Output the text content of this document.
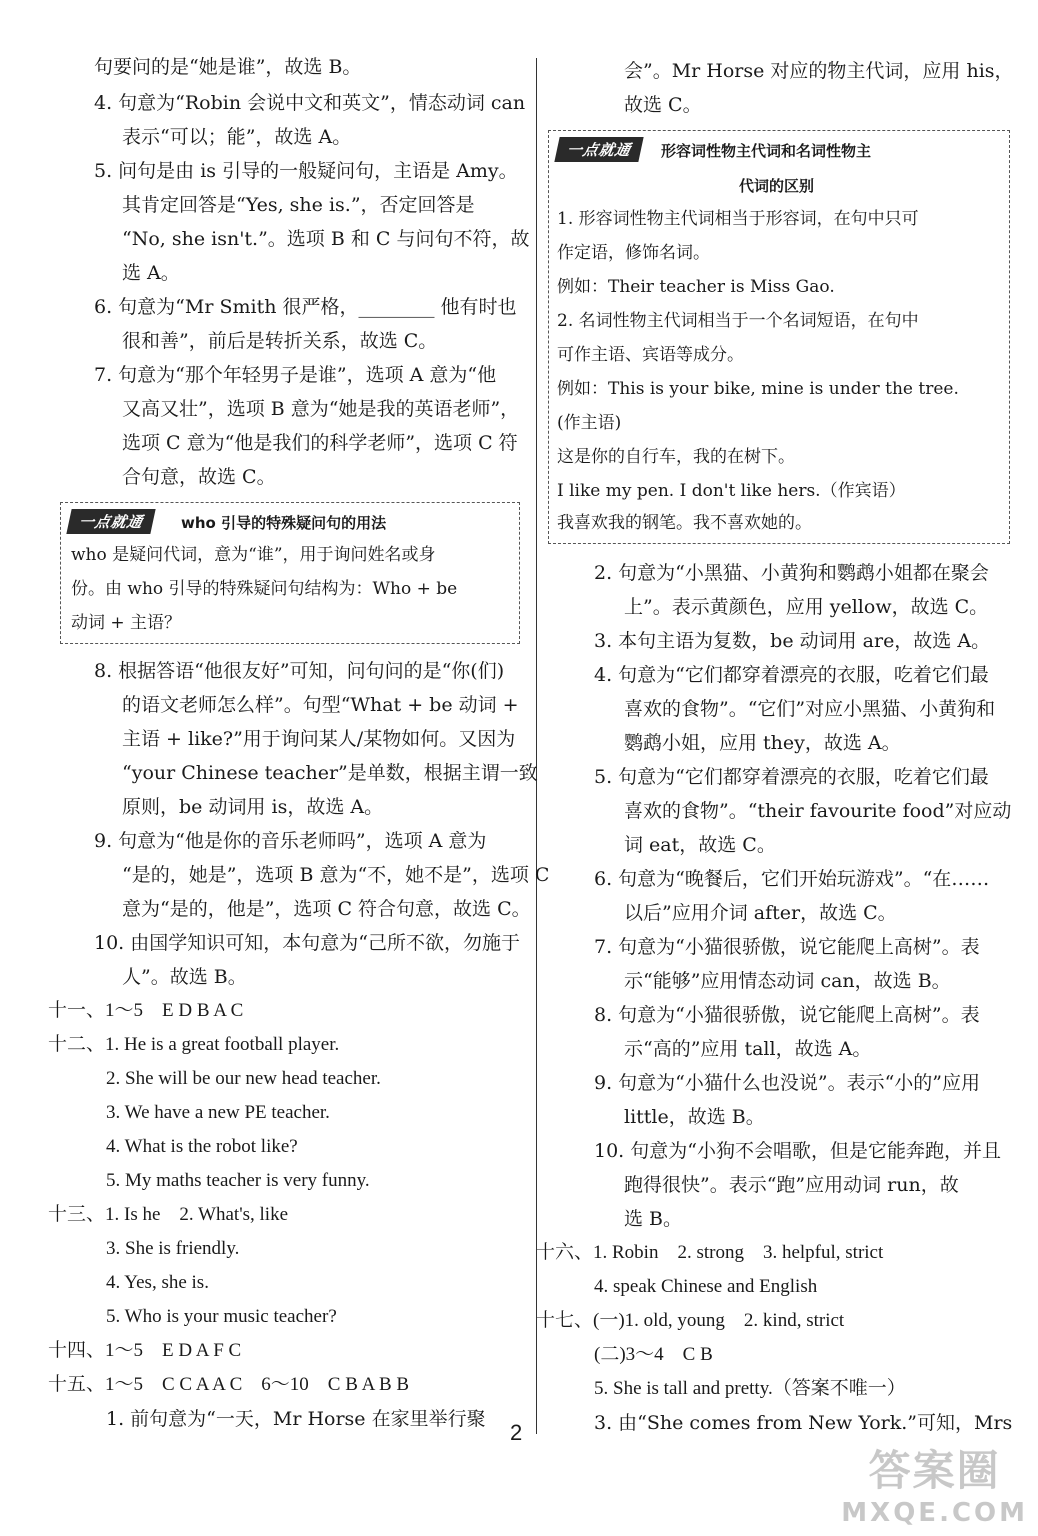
句要问的是“她是谁”，故选 B。
4. 句意为“Robin 会说中文和英文”，情态动词 can
表示“可以；能”，故选 A。
5. 问句是由 is 引导的一般疑问句，主语是 Amy。
其肯定回答是“Yes, she is.”，否定回答是
“No, she isn't.”。选项 B 和 C 与问句不符，故
选 A。
6. 句意为“Mr Smith 很严格，________ 他有时也
很和善”，前后是转折关系，故选 C。
7. 句意为“那个年轻男子是谁”，选项 A 意为“他
又高又壮”，选项 B 意为“她是我的英语老师”，
选项 C 意为“他是我们的科学老师”，选项 C 符
合句意，故选 C。
一点就通	who 引导的特殊疑问句的用法
who 是疑问代词，意为“谁”，用于询问姓名或身
份。由 who 引导的特殊疑问句结构为：Who + be
动词 + 主语？
8. 根据答语“他很友好”可知，问句问的是“你(们)
的语文老师怎么样”。句型“What + be 动词 +
主语 + like?”用于询问某人/某物如何。又因为
“your Chinese teacher”是单数，根据主谓一致
原则，be 动词用 is，故选 A。
9. 句意为“他是你的音乐老师吗”，选项 A 意为
“是的，她是”，选项 B 意为“不，她不是”，选项 C
意为“是的，他是”，选项 C 符合句意，故选 C。
10. 由国学知识可知，本句意为“己所不欲，勿施于
人”。故选 B。
十一、1～5　E D B A C
十二、1. He is a great football player.
2. She will be our new head teacher.
3. We have a new PE teacher.
4. What is the robot like?
5. My maths teacher is very funny.
十三、1. Is he　2. What's, like
3. She is friendly.
4. Yes, she is.
5. Who is your music teacher?
十四、1～5　E D A F C
十五、1～5　C C A A C　6～10　C B A B B
1. 前句意为“一天，Mr Horse 在家里举行聚
会”。Mr Horse 对应的物主代词，应用 his，
故选 C。
一点就通	形容词性物主代词和名词性物主
代词的区别
1. 形容词性物主代词相当于形容词，在句中只可
作定语，修饰名词。
例如：Their teacher is Miss Gao.
2. 名词性物主代词相当于一个名词短语，在句中
可作主语、宾语等成分。
例如：This is your bike, mine is under the tree.
(作主语)
这是你的自行车，我的在树下。
I like my pen. I don't like hers.（作宾语）
我喜欢我的钢笔。我不喜欢她的。
2. 句意为“小黑猫、小黄狗和鹦鹉小姐都在聚会
上”。表示黄颜色，应用 yellow，故选 C。
3. 本句主语为复数，be 动词用 are，故选 A。
4. 句意为“它们都穿着漂亮的衣服，吃着它们最
喜欢的食物”。“它们”对应小黑猫、小黄狗和
鹦鹉小姐，应用 they，故选 A。
5. 句意为“它们都穿着漂亮的衣服，吃着它们最
喜欢的食物”。“their favourite food”对应动
词 eat，故选 C。
6. 句意为“晚餐后，它们开始玩游戏”。“在……
以后”应用介词 after，故选 C。
7. 句意为“小猫很骄傲，说它能爬上高树”。表
示“能够”应用情态动词 can，故选 B。
8. 句意为“小猫很骄傲，说它能爬上高树”。表
示“高的”应用 tall，故选 A。
9. 句意为“小猫什么也没说”。表示“小的”应用
little，故选 B。
10. 句意为“小狗不会唱歌，但是它能奔跑，并且
跑得很快”。表示“跑”应用动词 run，故
选 B。
十六、1. Robin　2. strong　3. helpful, strict
4. speak Chinese and English
十七、(一)1. old, young　2. kind, strict
(二)3～4　C B
5. She is tall and pretty.（答案不唯一）
3. 由“She comes from New York.”可知，Mrs
2
答案圈
MXQE.COM
